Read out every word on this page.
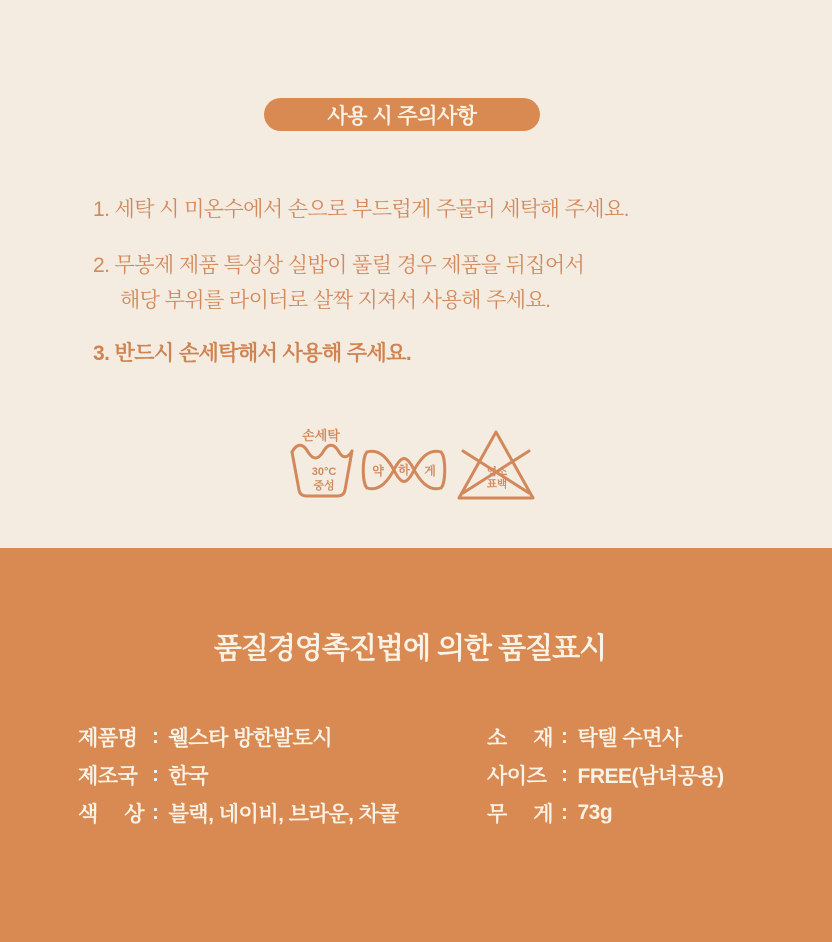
사용 시 주의사항
1. 세탁 시 미온수에서 손으로 부드럽게 주물러 세탁해 주세요.
2. 무봉제 제품 특성상 실밥이 풀릴 경우 제품을 뒤집어서
해당 부위를 라이터로 살짝 지져서 사용해 주세요.
3. 반드시 손세탁해서 사용해 주세요.
손세탁
30°C
중성
약 하 게	염소
표백
품질경영촉진법에 의한 품질표시
제품명 : 웰스타 방한발토시
제조국 : 한국
색 상 : 블랙, 네이비, 브라운, 차콜
소 재 : 탁텔 수면사
사이즈 : FREE(남녀공용)
무 게 : 73g
